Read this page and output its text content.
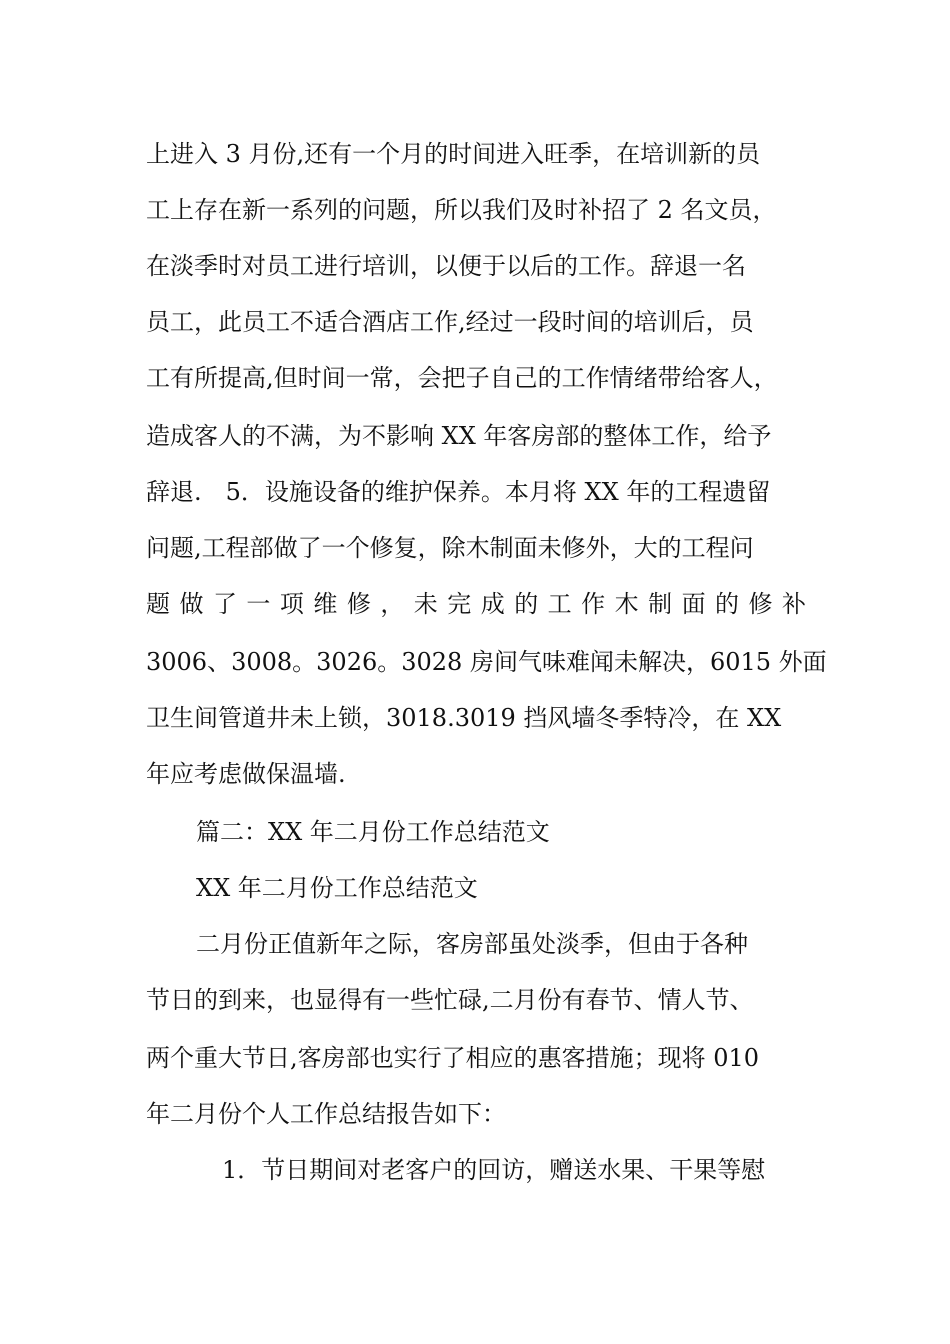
上进入 3 月份,还有一个月的时间进入旺季，在培训新的员
工上存在新一系列的问题，所以我们及时补招了 2 名文员，
在淡季时对员工进行培训，以便于以后的工作。辞退一名
员工，此员工不适合酒店工作,经过一段时间的培训后，员
工有所提高,但时间一常，会把子自己的工作情绪带给客人，
造成客人的不满，为不影响 XX 年客房部的整体工作，给予
辞退.　5．设施设备的维护保养。本月将 XX 年的工程遗留
问题,工程部做了一个修复，除木制面未修外，大的工程问
题做了一项维修，未完成的工作木制面的修补
3006、3008。3026。3028 房间气味难闻未解决，6015 外面
卫生间管道井未上锁，3018.3019 挡风墙冬季特冷，在 XX
年应考虑做保温墙.
篇二：XX 年二月份工作总结范文
XX 年二月份工作总结范文
二月份正值新年之际，客房部虽处淡季，但由于各种
节日的到来，也显得有一些忙碌,二月份有春节、情人节、
两个重大节日,客房部也实行了相应的惠客措施；现将 010
年二月份个人工作总结报告如下：
1．节日期间对老客户的回访，赠送水果、干果等慰
